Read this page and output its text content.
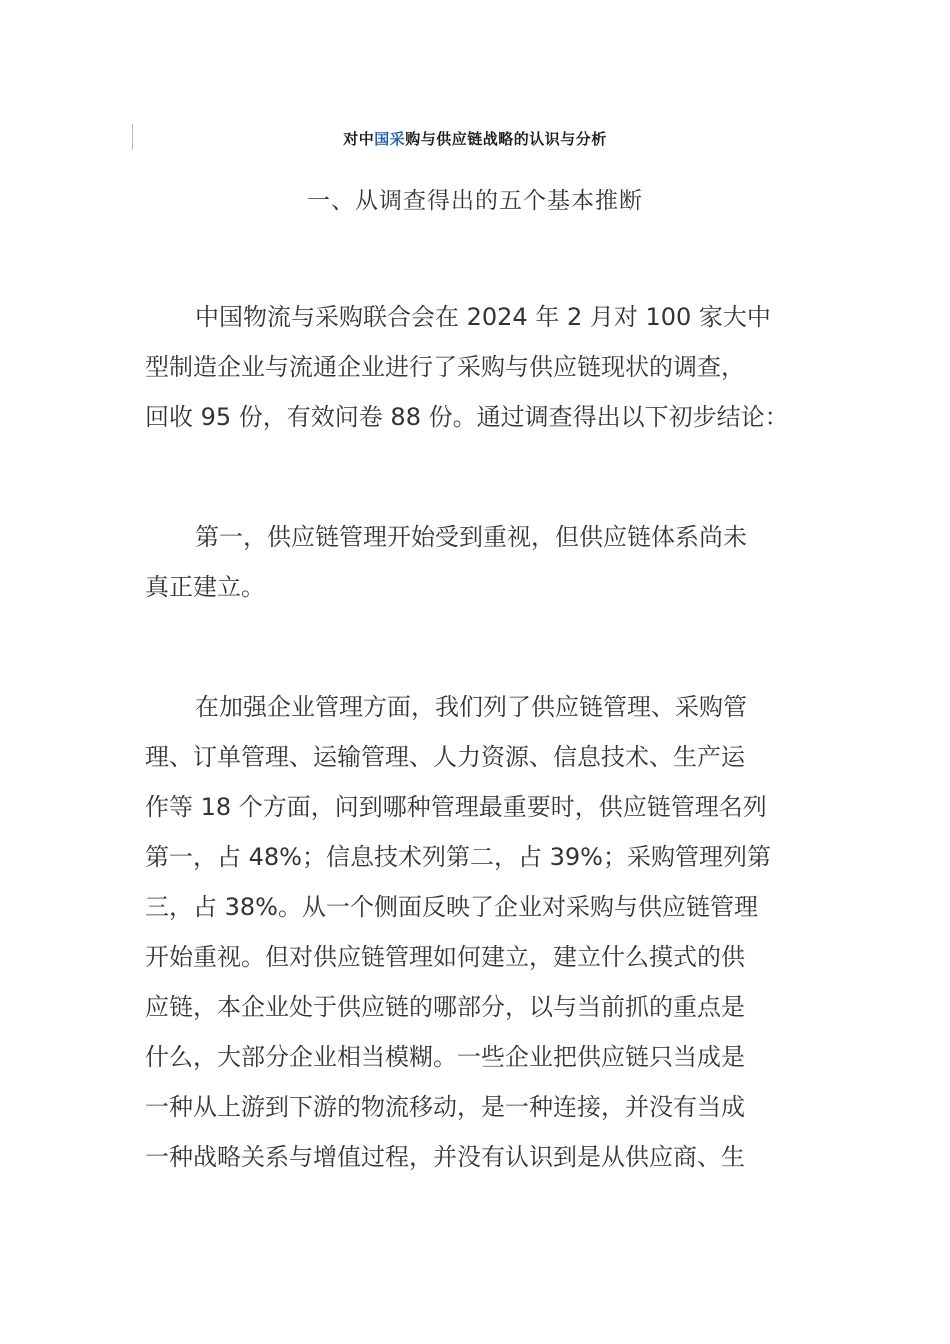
对中国采购与供应链战略的认识与分析
一、从调查得出的五个基本推断
中国物流与采购联合会在 2024 年 2 月对 100 家大中
型制造企业与流通企业进行了采购与供应链现状的调查，
回收 95 份，有效问卷 88 份。通过调查得出以下初步结论：
第一，供应链管理开始受到重视，但供应链体系尚未
真正建立。
在加强企业管理方面，我们列了供应链管理、采购管
理、订单管理、运输管理、人力资源、信息技术、生产运
作等 18 个方面，问到哪种管理最重要时，供应链管理名列
第一，占 48%；信息技术列第二，占 39%；采购管理列第
三，占 38%。从一个侧面反映了企业对采购与供应链管理
开始重视。但对供应链管理如何建立，建立什么摸式的供
应链，本企业处于供应链的哪部分，以与当前抓的重点是
什么，大部分企业相当模糊。一些企业把供应链只当成是
一种从上游到下游的物流移动，是一种连接，并没有当成
一种战略关系与增值过程，并没有认识到是从供应商、生
